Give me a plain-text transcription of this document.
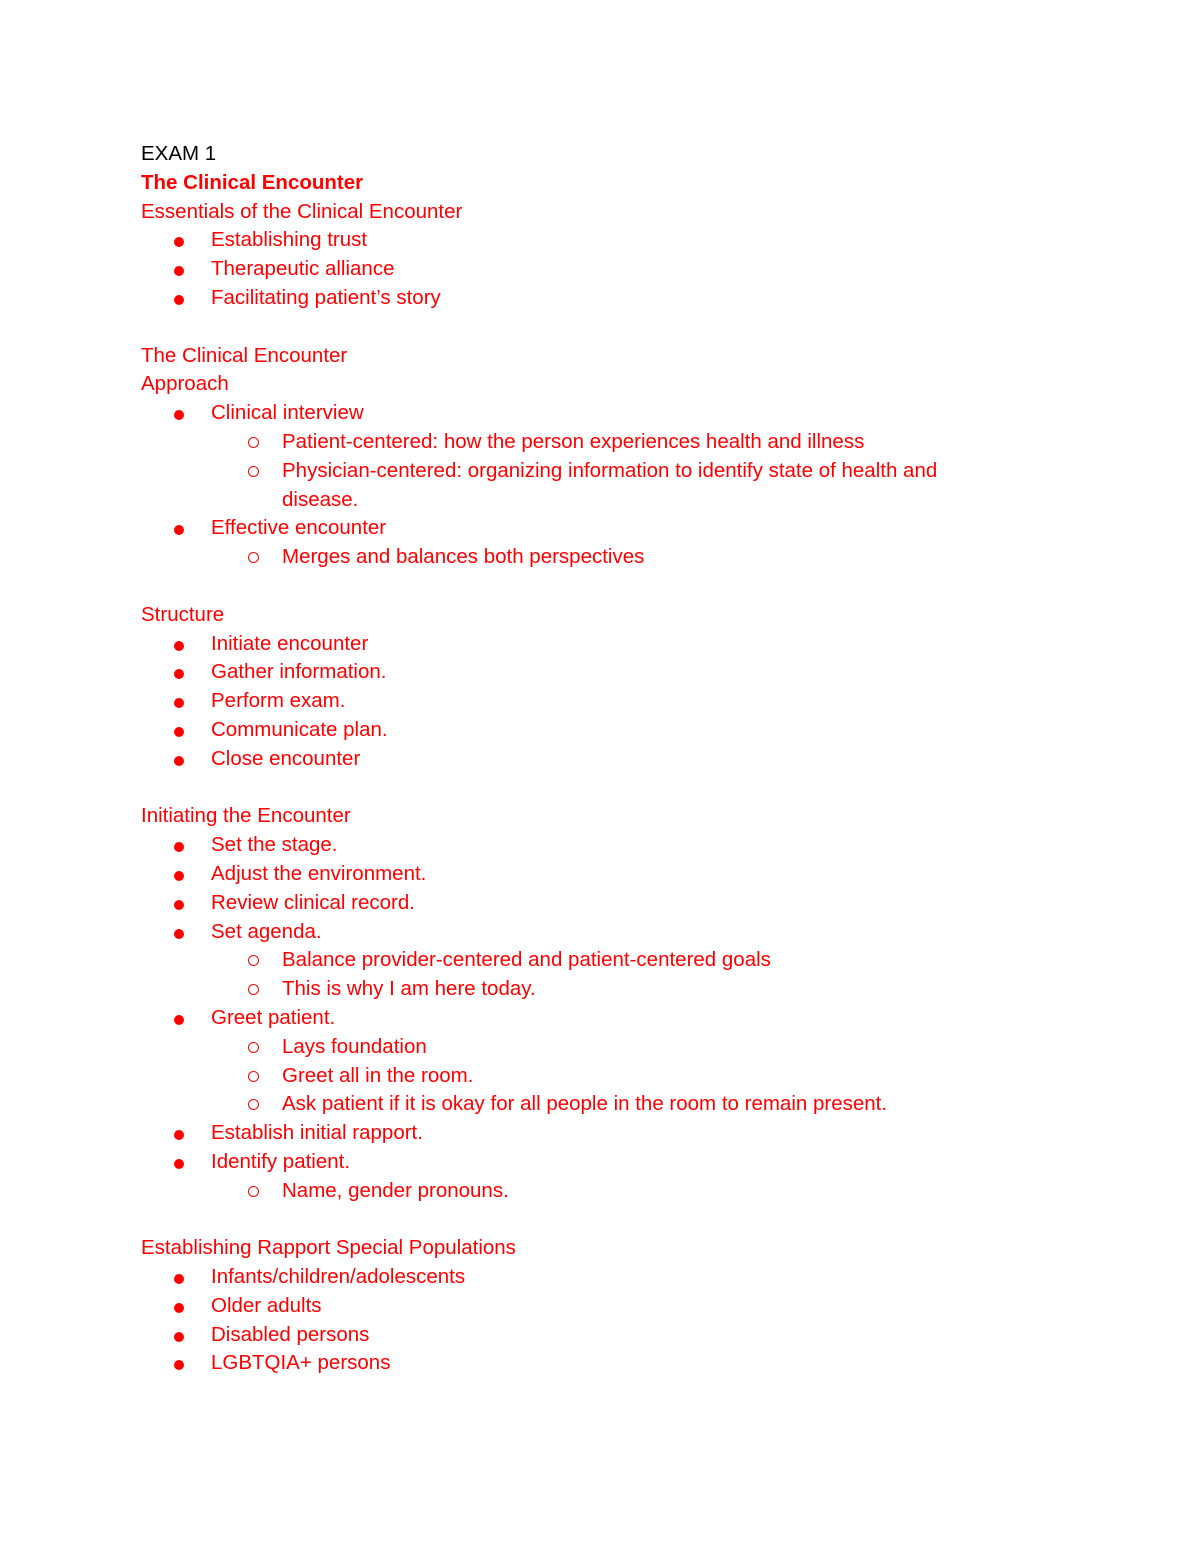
EXAM 1
The Clinical Encounter
Essentials of the Clinical Encounter
Establishing trust
Therapeutic alliance
Facilitating patient’s story
The Clinical Encounter
Approach
Clinical interview
Patient-centered: how the person experiences health and illness
Physician-centered: organizing information to identify state of health and disease.
Effective encounter
Merges and balances both perspectives
Structure
Initiate encounter
Gather information.
Perform exam.
Communicate plan.
Close encounter
Initiating the Encounter
Set the stage.
Adjust the environment.
Review clinical record.
Set agenda.
Balance provider-centered and patient-centered goals
This is why I am here today.
Greet patient.
Lays foundation
Greet all in the room.
Ask patient if it is okay for all people in the room to remain present.
Establish initial rapport.
Identify patient.
Name, gender pronouns.
Establishing Rapport Special Populations
Infants/children/adolescents
Older adults
Disabled persons
LGBTQIA+ persons
